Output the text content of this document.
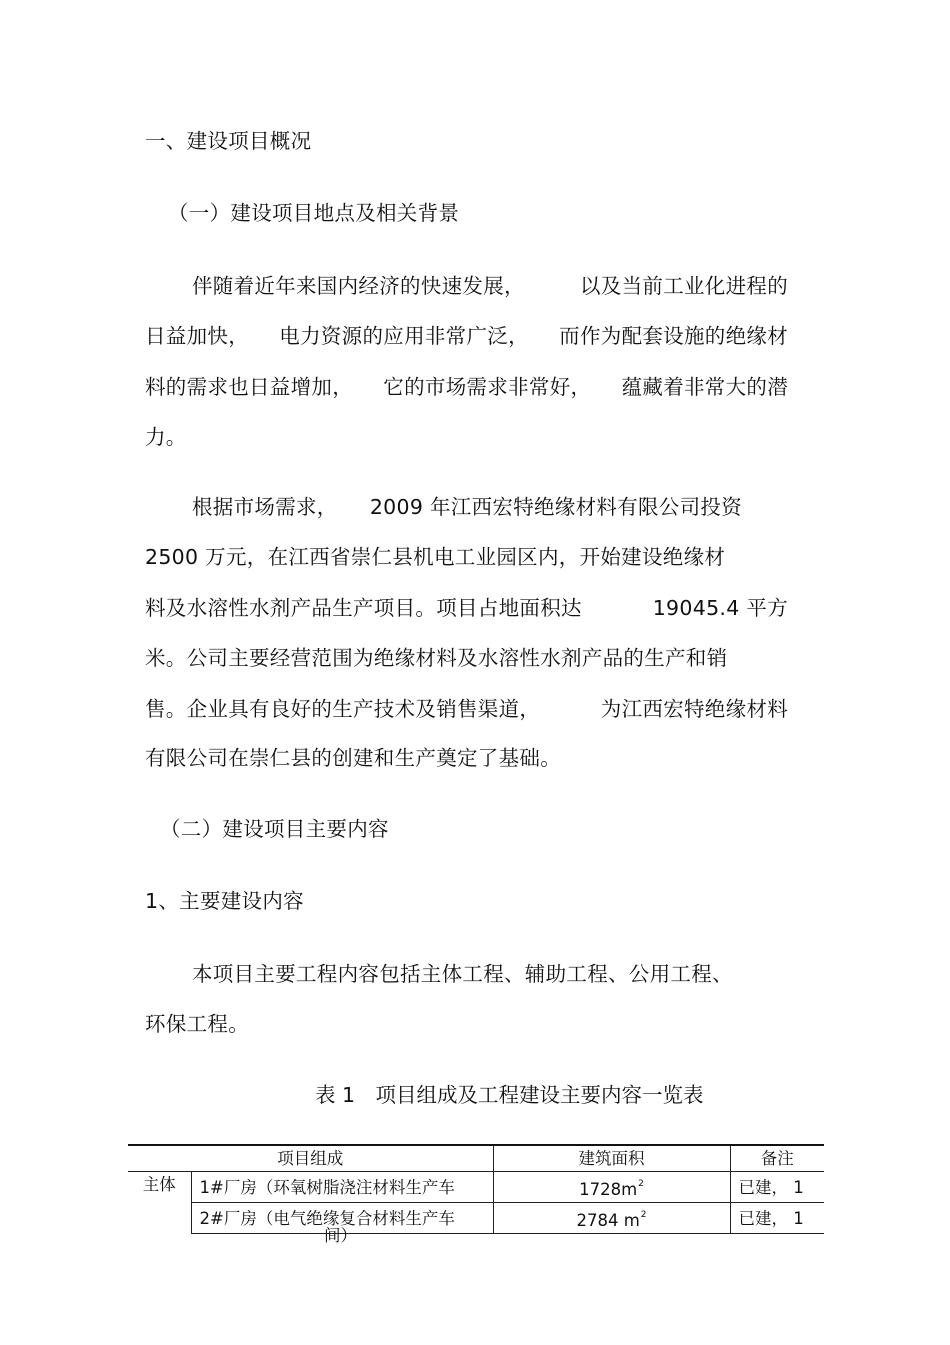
一、建设项目概况
（一）建设项目地点及相关背景
伴随着近年来国内经济的快速发展，	以及当前工业化进程的
日益加快， 电力资源的应用非常广泛， 而作为配套设施的绝缘材
料的需求也日益增加， 它的市场需求非常好， 蕴藏着非常大的潜
力。
根据市场需求， 2009 年江西宏特绝缘材料有限公司投资
2500 万元，在江西省崇仁县机电工业园区内，开始建设绝缘材
料及水溶性水剂产品生产项目。项目占地面积达	19045.4 平方
米。公司主要经营范围为绝缘材料及水溶性水剂产品的生产和销
售。企业具有良好的生产技术及销售渠道，	为江西宏特绝缘材料
有限公司在崇仁县的创建和生产奠定了基础。
（二）建设项目主要内容
1、主要建设内容
本项目主要工程内容包括主体工程、辅助工程、公用工程、
环保工程。
表 1　项目组成及工程建设主要内容一览表
项目组成		建筑面积	备注
主体	1#厂房（环氧树脂浇注材料生产车	$1728m^2$	已建， 1
	2#厂房（电气绝缘复合材料生产车	2784 $m^2$	已建， 1
间）
